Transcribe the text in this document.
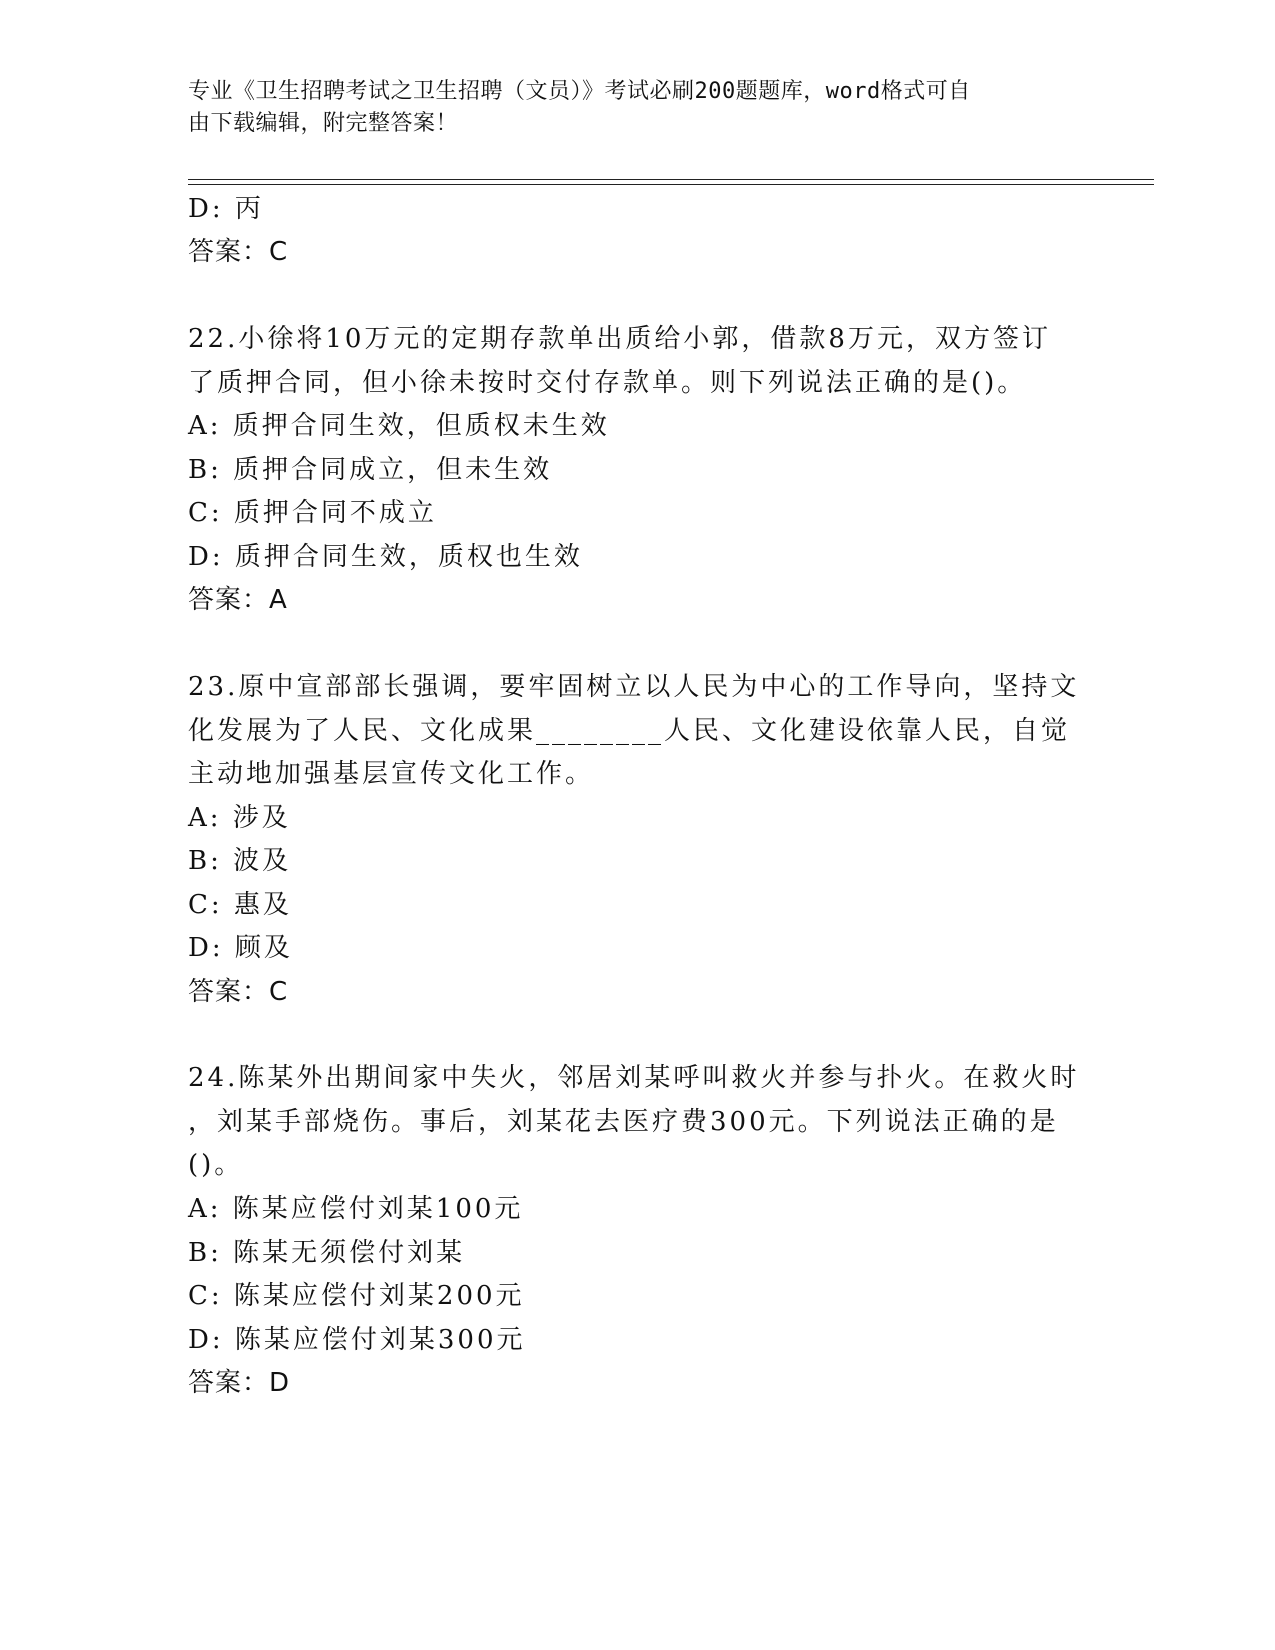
专业《卫生招聘考试之卫生招聘（文员）》考试必刷200题题库，word格式可自
由下载编辑，附完整答案！
D: 丙
答案：C
22.小徐将10万元的定期存款单出质给小郭，借款8万元，双方签订
了质押合同，但小徐未按时交付存款单。则下列说法正确的是()。
A: 质押合同生效，但质权未生效
B: 质押合同成立，但未生效
C: 质押合同不成立
D: 质押合同生效，质权也生效
答案：A
23.原中宣部部长强调，要牢固树立以人民为中心的工作导向，坚持文
化发展为了人民、文化成果________人民、文化建设依靠人民，自觉
主动地加强基层宣传文化工作。
A: 涉及
B: 波及
C: 惠及
D: 顾及
答案：C
24.陈某外出期间家中失火，邻居刘某呼叫救火并参与扑火。在救火时
，刘某手部烧伤。事后，刘某花去医疗费300元。下列说法正确的是
()。
A: 陈某应偿付刘某100元
B: 陈某无须偿付刘某
C: 陈某应偿付刘某200元
D: 陈某应偿付刘某300元
答案：D
